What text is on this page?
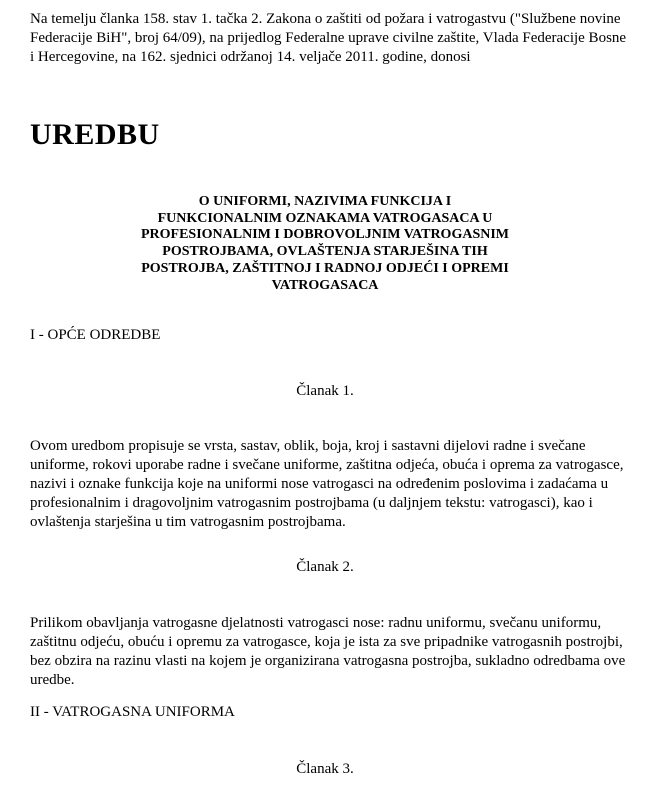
Na temelju članka 158. stav 1. tačka 2. Zakona o zaštiti od požara i vatrogastvu ("Službene novine Federacije BiH", broj 64/09), na prijedlog Federalne uprave civilne zaštite, Vlada Federacije Bosne i Hercegovine, na 162. sjednici održanoj 14. veljače 2011. godine, donosi

UREDBU

O UNIFORMI, NAZIVIMA FUNKCIJA I FUNKCIONALNIM OZNAKAMA VATROGASACA U PROFESIONALNIM I DOBROVOLJNIM VATROGASNIM POSTROJBAMA, OVLAŠTENJA STARJEŠINA TIH POSTROJBA, ZAŠTITNOJ I RADNOJ ODJEĆI I OPREMI VATROGASACA

I - OPĆE ODREDBE

Članak 1.

Ovom uredbom propisuje se vrsta, sastav, oblik, boja, kroj i sastavni dijelovi radne i svečane uniforme, rokovi uporabe radne i svečane uniforme, zaštitna odjeća, obuća i oprema za vatrogasce, nazivi i oznake funkcija koje na uniformi nose vatrogasci na određenim poslovima i zadaćama u profesionalnim i dragovoljnim vatrogasnim postrojbama (u daljnjem tekstu: vatrogasci), kao i ovlaštenja starješina u tim vatrogasnim postrojbama.

Članak 2.

Prilikom obavljanja vatrogasne djelatnosti vatrogasci nose: radnu uniformu, svečanu uniformu, zaštitnu odjeću, obuću i opremu za vatrogasce, koja je ista za sve pripadnike vatrogasnih postrojbi, bez obzira na razinu vlasti na kojem je organizirana vatrogasna postrojba, sukladno odredbama ove uredbe.

II - VATROGASNA UNIFORMA

Članak 3.
